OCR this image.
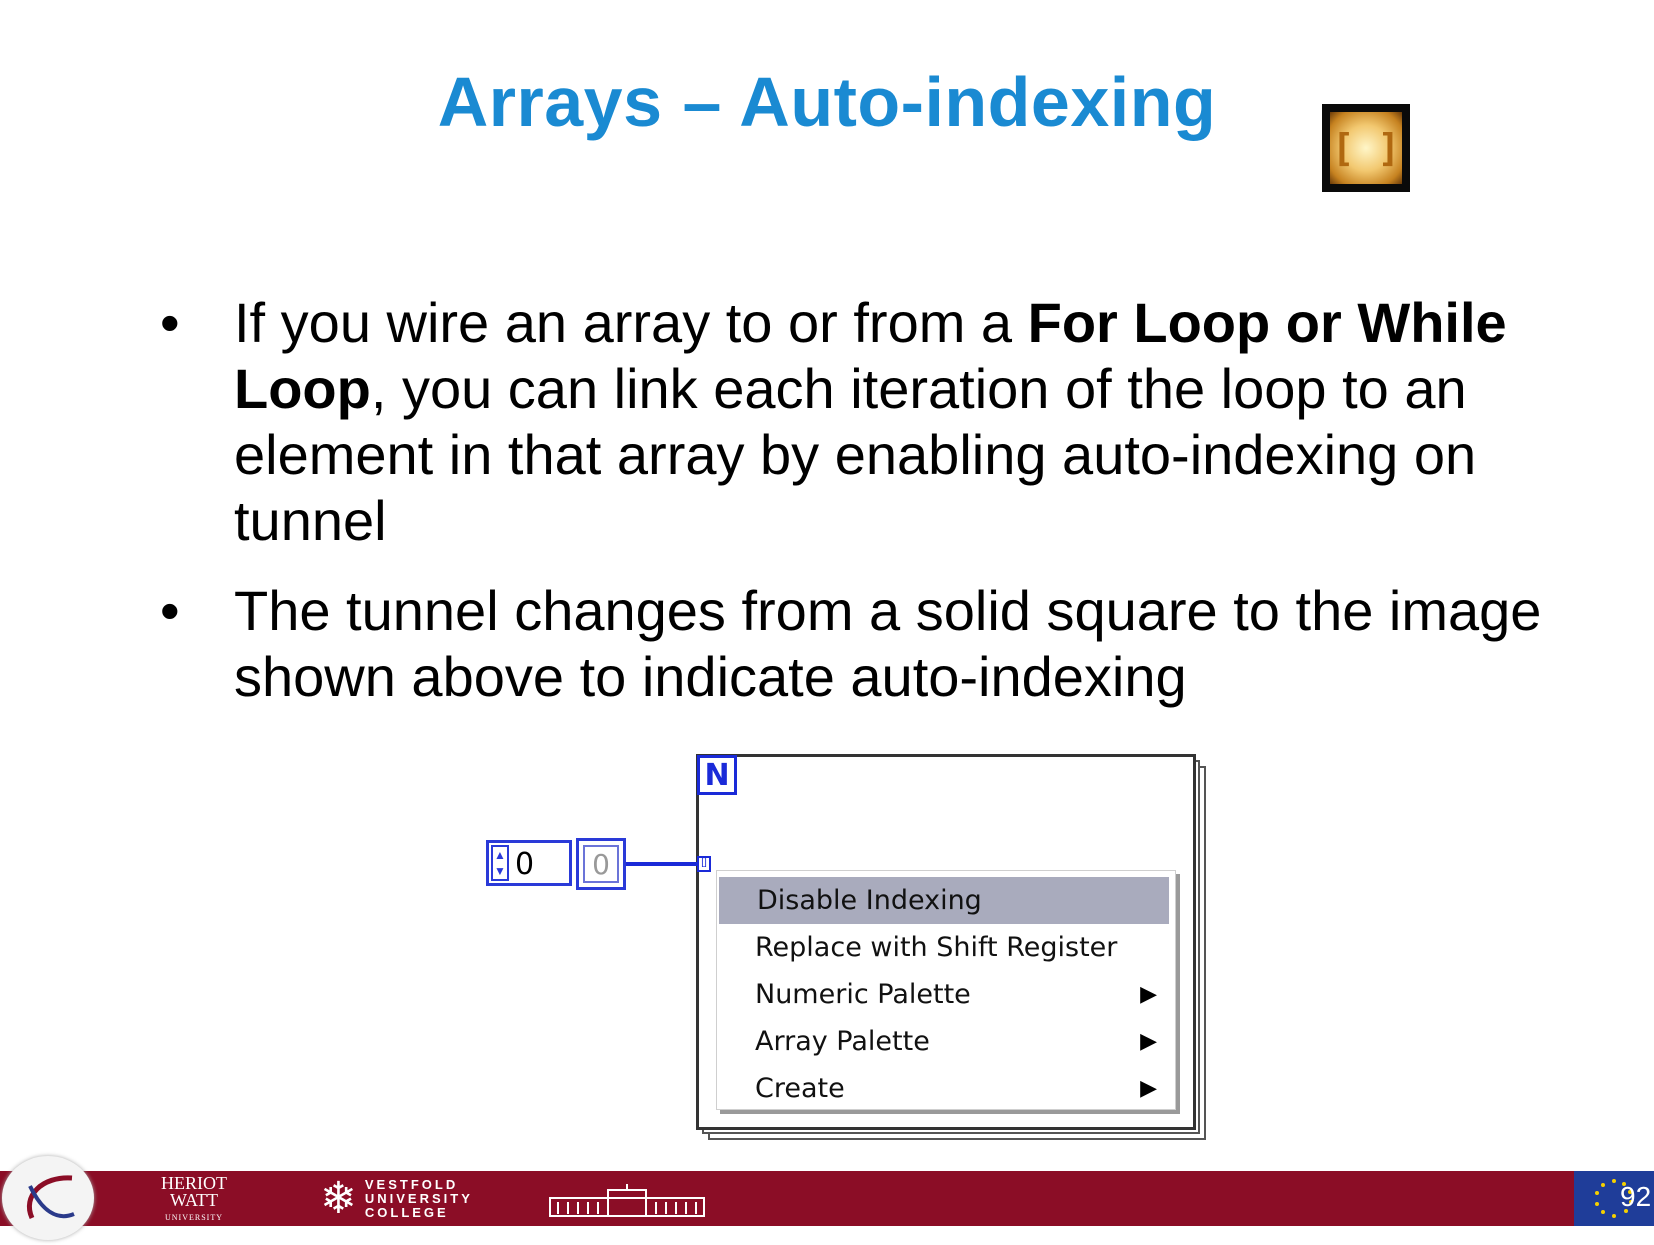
Arrays – Auto-indexing
[ ]
• If you wire an array to or from a For Loop or While Loop, you can link each iteration of the loop to an element in that array by enabling auto-indexing on tunnel
• The tunnel changes from a solid square to the image shown above to indicate auto-indexing
N
▲
▼ 0	0	[]
Disable Indexing
Replace with Shift Register
Numeric Palette	▶
Array Palette	▶
Create	▶
HERIOT
WATT
UNIVERSITY ❄ VESTFOLD
UNIVERSITY
COLLEGE
92
